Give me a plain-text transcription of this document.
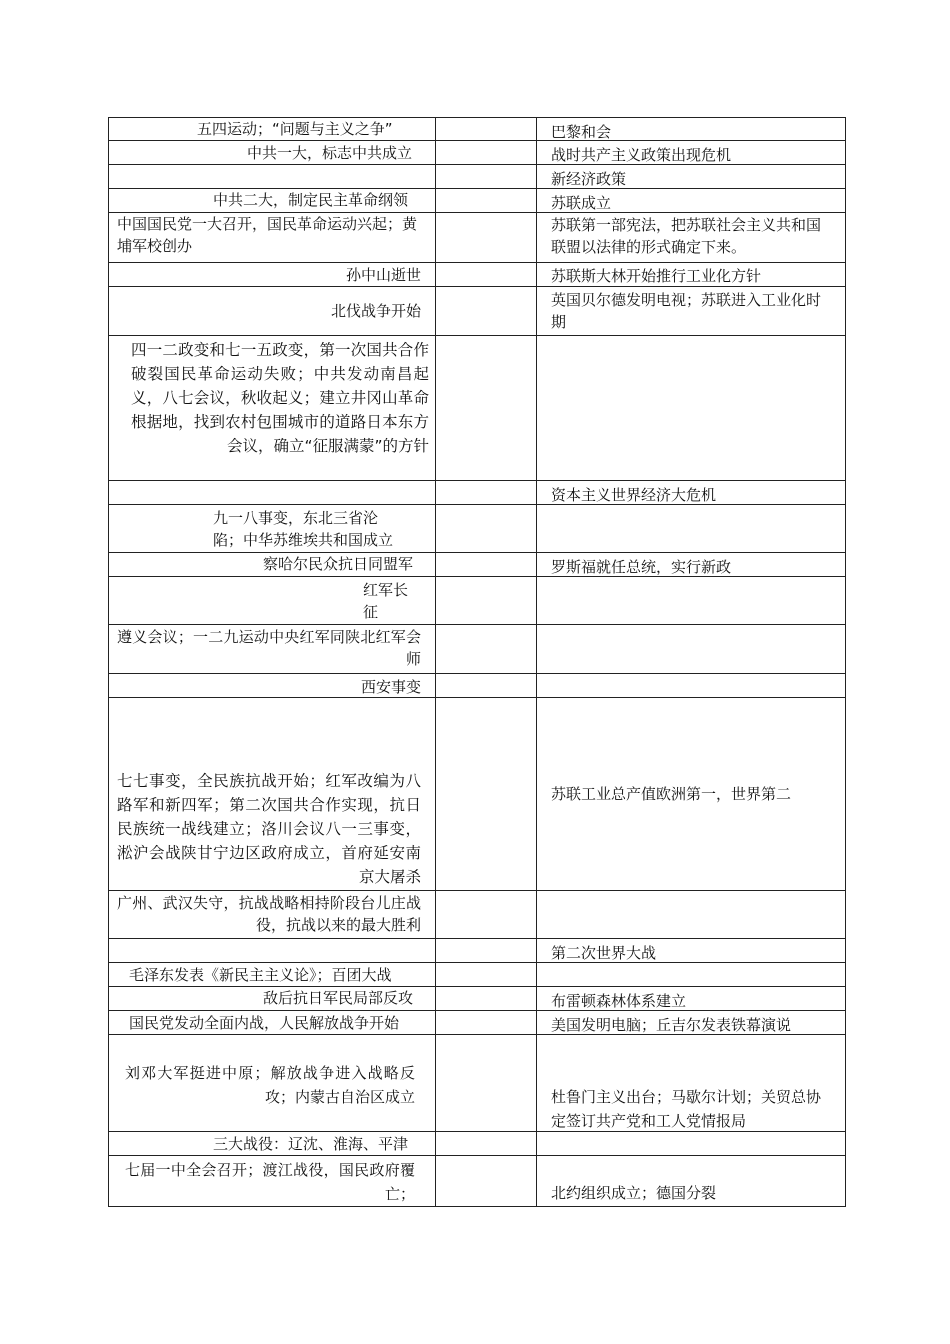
五四运动；“问题与主义之争”		巴黎和会

中共一大，标志中共成立		战时共产主义政策出现危机

		新经济政策

中共二大，制定民主革命纲领		苏联成立

中国国民党一大召开，国民革命运动兴起；黄埔军校创办		苏联第一部宪法，把苏联社会主义共和国联盟以法律的形式确定下来。

孙中山逝世		苏联斯大林开始推行工业化方针

北伐战争开始		英国贝尔德发明电视；苏联进入工业化时期

四一二政变和七一五政变，第一次国共合作破裂国民革命运动失败；中共发动南昌起义，八七会议，秋收起义；建立井冈山革命根据地，找到农村包围城市的道路日本东方会议，确立“征服满蒙”的方针		

		资本主义世界经济大危机

九一八事变，东北三省沦陷；中华苏维埃共和国成立		

察哈尔民众抗日同盟军		罗斯福就任总统，实行新政

红军长征		

遵义会议；一二九运动中央红军同陕北红军会师		

西安事变		

七七事变，全民族抗战开始；红军改编为八路军和新四军；第二次国共合作实现，抗日民族统一战线建立；洛川会议八一三事变，淞沪会战陕甘宁边区政府成立，首府延安南京大屠杀		苏联工业总产值欧洲第一，世界第二

广州、武汉失守，抗战战略相持阶段台儿庄战役，抗战以来的最大胜利		

		第二次世界大战

毛泽东发表《新民主主义论》；百团大战		

敌后抗日军民局部反攻		布雷顿森林体系建立

国民党发动全面内战，人民解放战争开始		美国发明电脑；丘吉尔发表铁幕演说

刘邓大军挺进中原；解放战争进入战略反攻；内蒙古自治区成立		杜鲁门主义出台；马歇尔计划；关贸总协定签订共产党和工人党情报局

三大战役：辽沈、淮海、平津		

七届一中全会召开；渡江战役，国民政府覆亡；		北约组织成立；德国分裂
